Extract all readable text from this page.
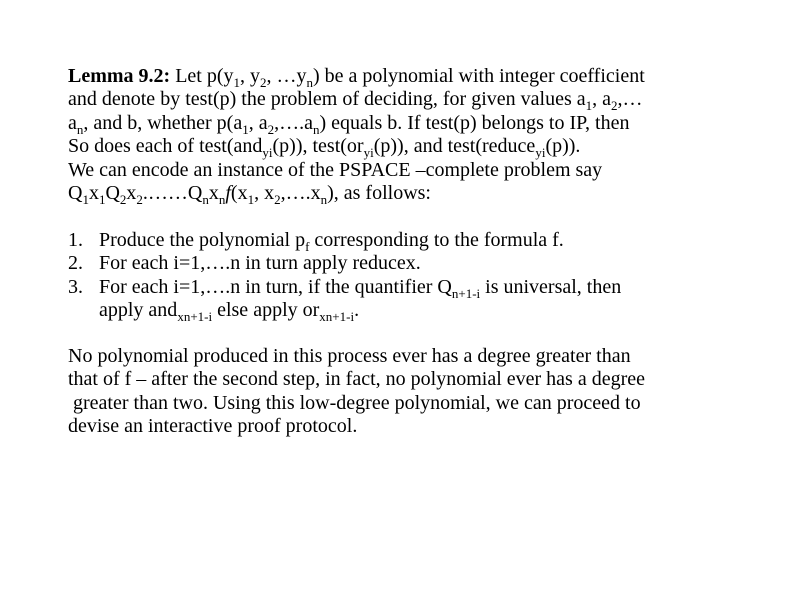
Lemma 9.2: Let $p(y_1$, $y_2$, $\dots y_n$) be a polynomial with integer coefficient
and denote by test(p) the problem of deciding, for given values $a_1$, $a_2,\dots$
$a_n$, and b, whether $p(a_1$, $a_2,\dots.a_n$) equals b. If test(p) belongs to IP, then
So does each of test(and$_{yi}$(p)), $test(or_{yi}(p))$, and test(reduce$_{yi}$(p)).
We can encode an instance of the PSPACE –complete problem say
$Q_1x_1Q_2x_2.\dots\dots Q_nx_nf(x_1$, $x_2,\dots.x_n$), as follows:
1. Produce the polynomial $p_f$ corresponding to the formula f.
2. For each i=1,….n in turn apply reducex.
3. For each i=1,….n in turn, if the quantifier $Q_{n+1-i}$ is universal, then
apply and$_{xn+1-i}$ else apply $or_{xn+1-i}$.
No polynomial produced in this process ever has a degree greater than
that of f – after the second step, in fact, no polynomial ever has a degree
greater than two. Using this low-degree polynomial, we can proceed to
devise an interactive proof protocol.
